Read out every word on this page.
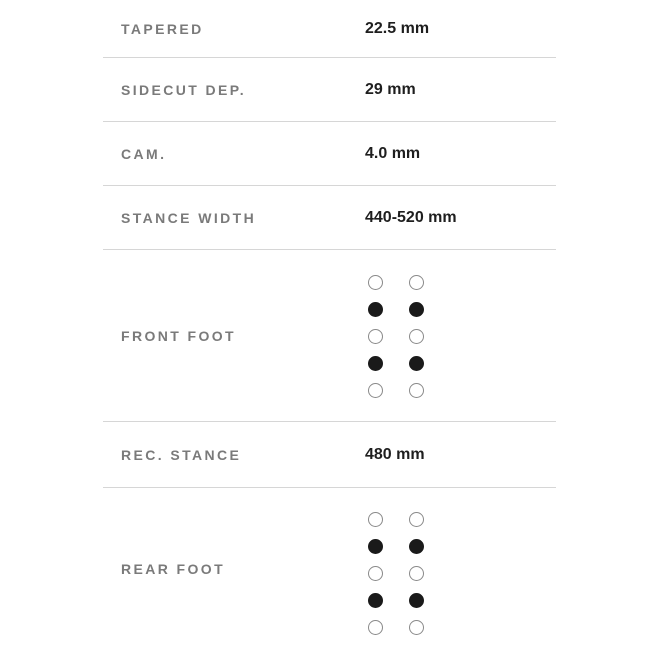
TAPERED	22.5 mm
SIDECUT DEP.	29 mm
CAM.	4.0 mm
STANCE WIDTH	440-520 mm
FRONT FOOT
REC. STANCE	480 mm
REAR FOOT
